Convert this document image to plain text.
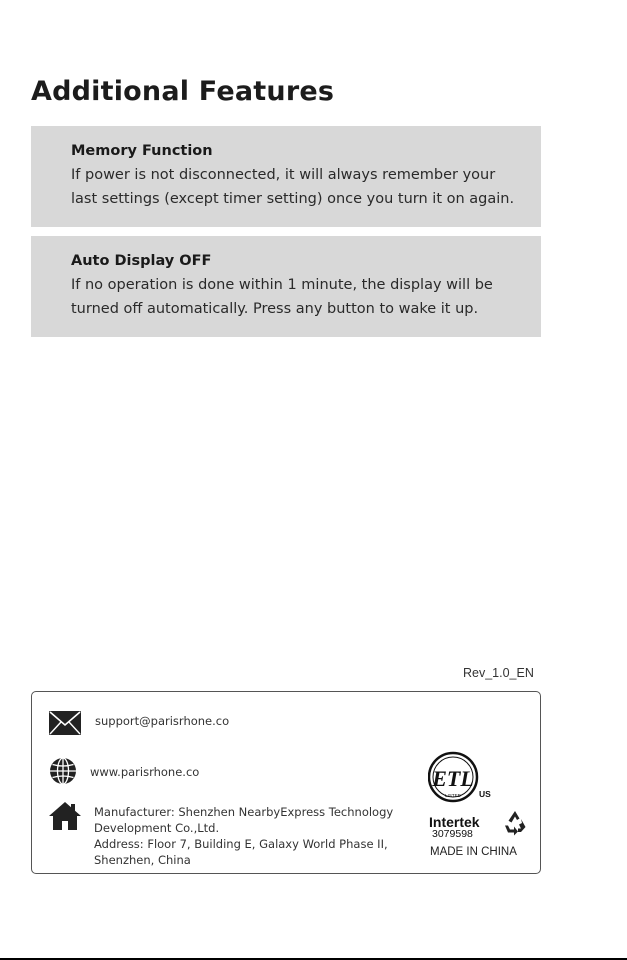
Additional Features
Memory Function
If power is not disconnected, it will always remember your
last settings (except timer setting) once you turn it on again.
Auto Display OFF
If no operation is done within 1 minute, the display will be
turned off automatically. Press any button to wake it up.
Rev_1.0_EN
support@parisrhone.co
www.parisrhone.co
Manufacturer: Shenzhen NearbyExpress Technology
Development Co.,Ltd.
Address: Floor 7, Building E, Galaxy World Phase II,
Shenzhen, China
ETL
LISTED US
Intertek
3079598
MADE IN CHINA
